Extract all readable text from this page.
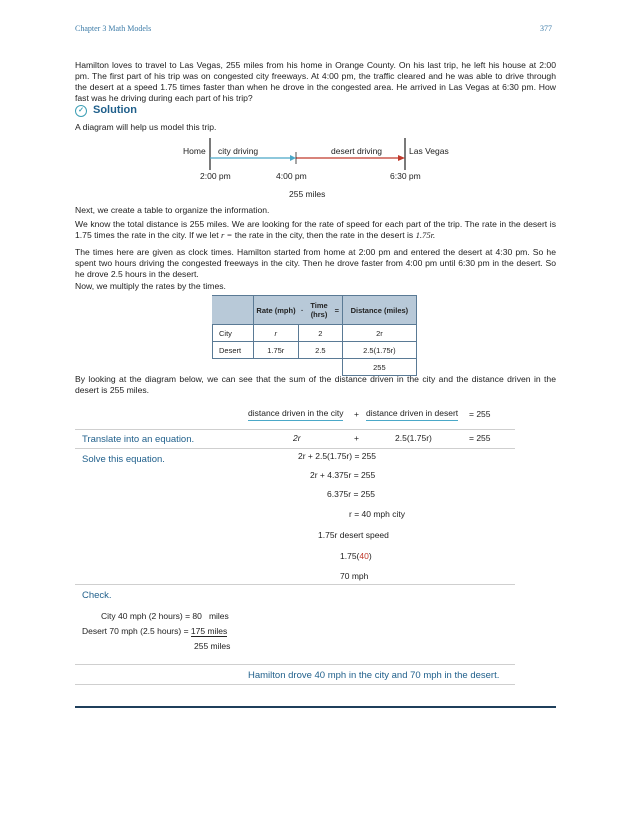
Chapter 3 Math Models	377
Hamilton loves to travel to Las Vegas, 255 miles from his home in Orange County. On his last trip, he left his house at 2:00 pm. The first part of his trip was on congested city freeways. At 4:00 pm, the traffic cleared and he was able to drive through the desert at a speed 1.75 times faster than when he drove in the congested area. He arrived in Las Vegas at 6:30 pm. How fast was he driving during each part of his trip?
✓ Solution
A diagram will help us model this trip.
Home city driving	desert driving	Las Vegas
2:00 pm	4:00 pm	6:30 pm
255 miles
Next, we create a table to organize the information.
We know the total distance is 255 miles. We are looking for the rate of speed for each part of the trip. The rate in the desert is 1.75 times the rate in the city. If we let r = the rate in the city, then the rate in the desert is 1.75r.
The times here are given as clock times. Hamilton started from home at 2:00 pm and entered the desert at 4:30 pm. So he spent two hours driving the congested freeways in the city. Then he drove faster from 4:00 pm until 6:30 pm in the desert. So he drove 2.5 hours in the desert.
Now, we multiply the rates by the times.
	Rate (mph)	·	Time (hrs)	=	Distance (miles)
City	r	2			2r
Desert	1.75r	2.5			2.5(1.75r)
					255
By looking at the diagram below, we can see that the sum of the distance driven in the city and the distance driven in the desert is 255 miles.
distance driven in the city + distance driven in desert = 255
Translate into an equation.	2r	+	2.5(1.75r)	= 255
Solve this equation.	2r + 2.5(1.75r) = 255
2r + 4.375r = 255
6.375r = 255
r = 40 mph city
1.75r desert speed
1.75(40)
70 mph
Check.
City 40 mph (2 hours) = 80   miles
Desert 70 mph (2.5 hours) = 175 miles
255 miles
Hamilton drove 40 mph in the city and 70 mph in the desert.
